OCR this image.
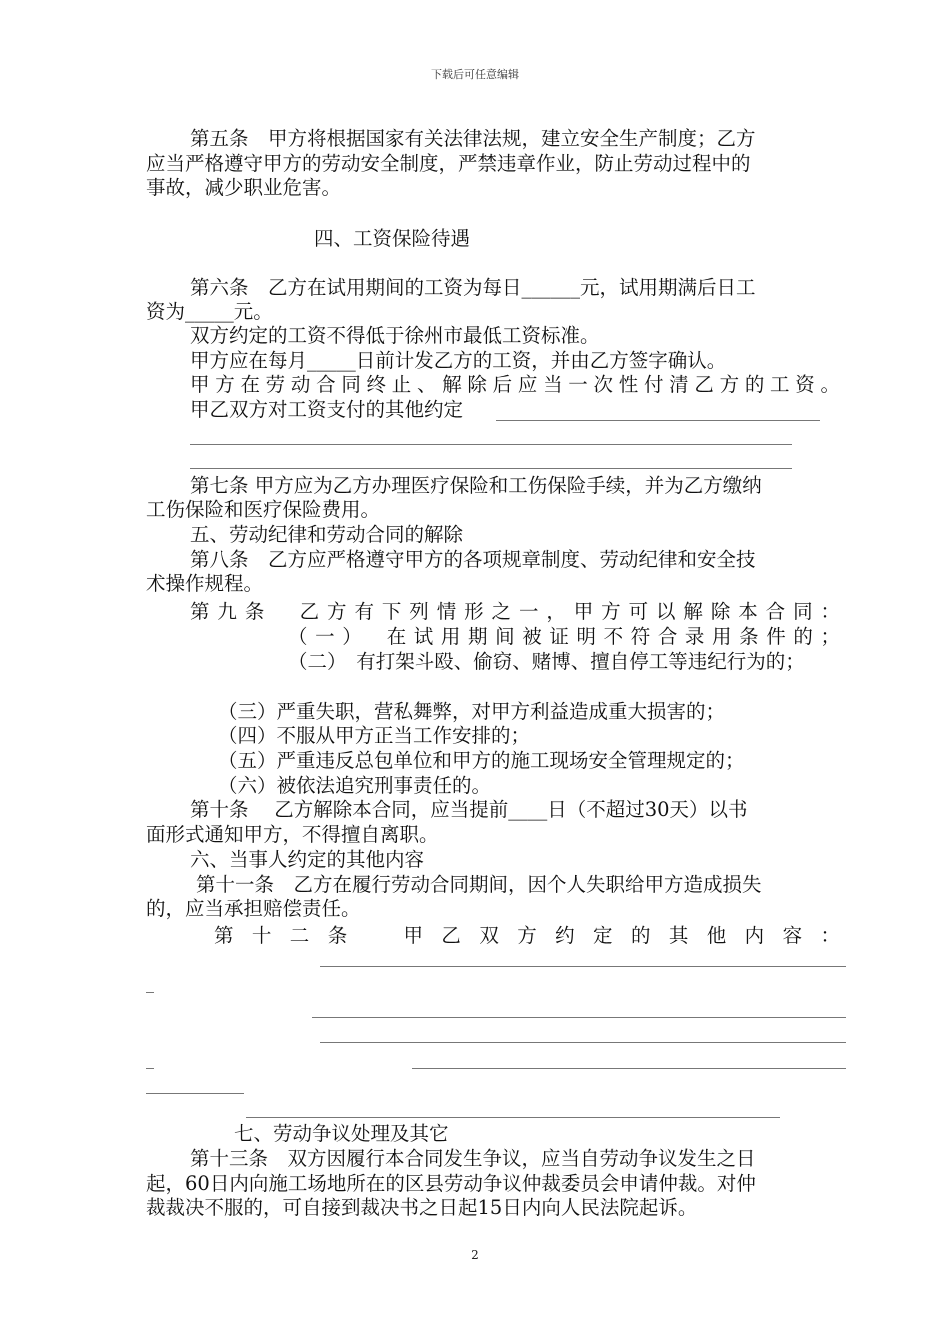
下载后可任意编辑
第五条　甲方将根据国家有关法律法规，建立安全生产制度；乙方
应当严格遵守甲方的劳动安全制度，严禁违章作业，防止劳动过程中的
事故，减少职业危害。
四、工资保险待遇
第六条　乙方在试用期间的工资为每日______元，试用期满后日工
资为_____元。
双方约定的工资不得低于徐州市最低工资标准。
甲方应在每月_____日前计发乙方的工资，并由乙方签字确认。
甲方在劳动合同终止、解除后应当一次性付清乙方的工资。
甲乙双方对工资支付的其他约定
第七条 甲方应为乙方办理医疗保险和工伤保险手续，并为乙方缴纳
工伤保险和医疗保险费用。
五、劳动纪律和劳动合同的解除
第八条　乙方应严格遵守甲方的各项规章制度、劳动纪律和安全技
术操作规程。
第九条　乙方有下列情形之一，甲方可以解除本合同：
（一）　在试用期间被证明不符合录用条件的；
（二）　有打架斗殴、偷窃、赌博、擅自停工等违纪行为的；
（三）严重失职，营私舞弊，对甲方利益造成重大损害的；
（四）不服从甲方正当工作安排的；
（五）严重违反总包单位和甲方的施工现场安全管理规定的；
（六）被依法追究刑事责任的。
第十条　 乙方解除本合同，应当提前____日（不超过30天）以书
面形式通知甲方，不得擅自离职。
六、当事人约定的其他内容
第十一条　乙方在履行劳动合同期间，因个人失职给甲方造成损失
的，应当承担赔偿责任。
第十二条　甲乙双方约定的其他内容：
七、劳动争议处理及其它
第十三条　双方因履行本合同发生争议，应当自劳动争议发生之日
起，60日内向施工场地所在的区县劳动争议仲裁委员会申请仲裁。对仲
裁裁决不服的，可自接到裁决书之日起15日内向人民法院起诉。
2
